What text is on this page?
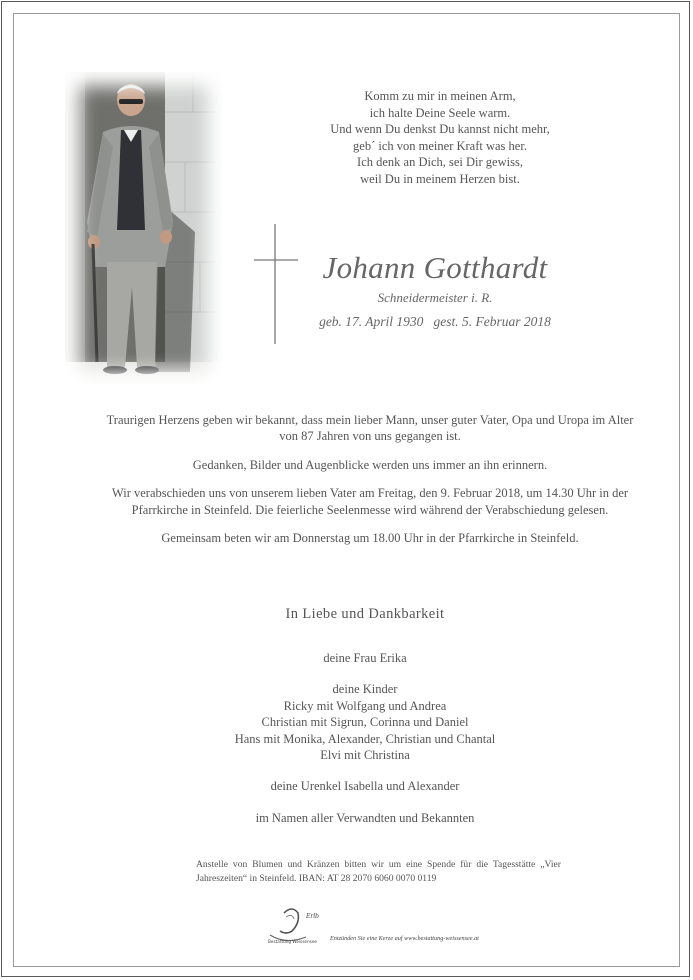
Komm zu mir in meinen Arm,
ich halte Deine Seele warm.
Und wenn Du denkst Du kannst nicht mehr,
geb´ ich von meiner Kraft was her.
Ich denk an Dich, sei Dir gewiss,
weil Du in meinem Herzen bist.
Johann Gotthardt
Schneidermeister i. R.
geb. 17. April 1930   gest. 5. Februar 2018

Traurigen Herzens geben wir bekannt, dass mein lieber Mann, unser guter Vater, Opa und Uropa im Alter von 87 Jahren von uns gegangen ist.

Gedanken, Bilder und Augenblicke werden uns immer an ihn erinnern.

Wir verabschieden uns von unserem lieben Vater am Freitag, den 9. Februar 2018, um 14.30 Uhr in der Pfarrkirche in Steinfeld. Die feierliche Seelenmesse wird während der Verabschiedung gelesen.

Gemeinsam beten wir am Donnerstag um 18.00 Uhr in der Pfarrkirche in Steinfeld.

In Liebe und Dankbarkeit
deine Frau Erika
deine Kinder
Ricky mit Wolfgang und Andrea
Christian mit Sigrun, Corinna und Daniel
Hans mit Monika, Alexander, Christian und Chantal
Elvi mit Christina
deine Urenkel Isabella und Alexander
im Namen aller Verwandten und Bekannten
Anstelle von Blumen und Kränzen bitten wir um eine Spende für die Tagesstätte „Vier Jahreszeiten“ in Steinfeld. IBAN: AT 28 2070 6060 0070 0119
Erlb
Bestattung Weissensee Entzünden Sie eine Kerze auf www.bestattung-weissensee.at
